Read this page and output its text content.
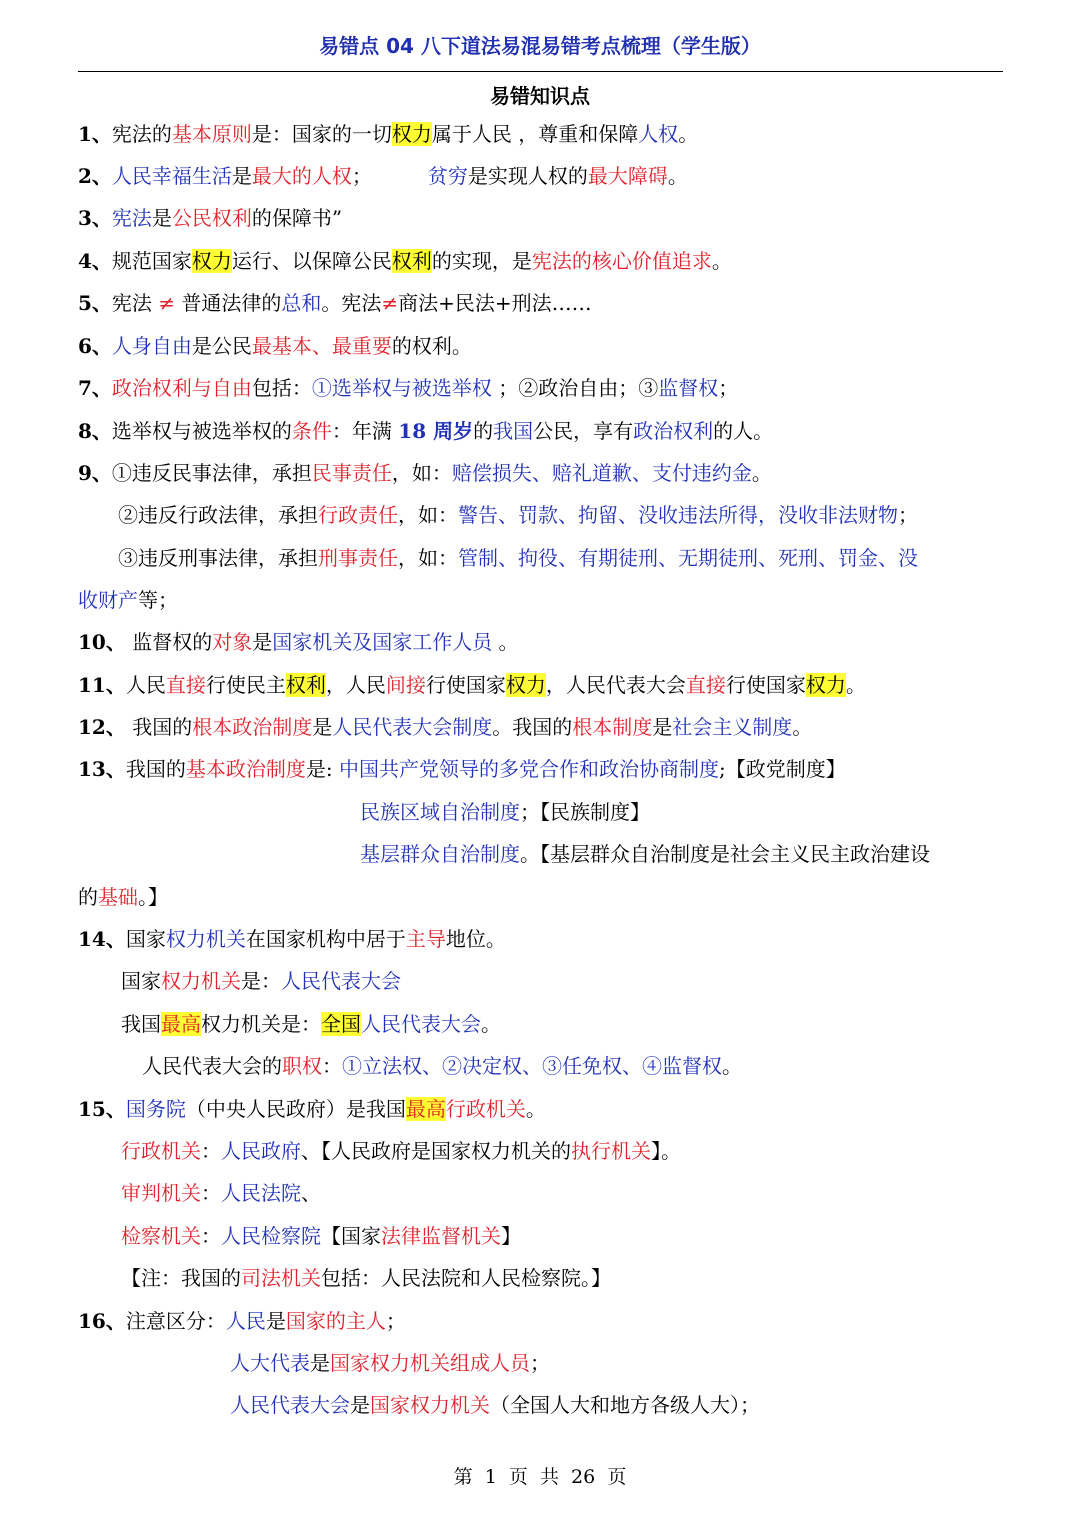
易错点 04 八下道法易混易错考点梳理（学生版）
易错知识点
1、宪法的基本原则是：国家的一切权力属于人民 ，尊重和保障人权。
2、人民幸福生活是最大的人权；	贫穷是实现人权的最大障碍。
3、宪法是公民权利的保障书”
4、规范国家权力运行、以保障公民权利的实现，是宪法的核心价值追求。
5、宪法 ≠ 普通法律的总和。宪法≠商法+民法+刑法……
6、人身自由是公民最基本、最重要的权利。
7、政治权利与自由包括：①选举权与被选举权 ；②政治自由；③监督权；
8、选举权与被选举权的条件：年满 18 周岁的我国公民，享有政治权利的人。
9、①违反民事法律，承担民事责任，如：赔偿损失、赔礼道歉、支付违约金。
②违反行政法律，承担行政责任，如：警告、罚款、拘留、没收违法所得，没收非法财物；
③违反刑事法律，承担刑事责任，如：管制、拘役、有期徒刑、无期徒刑、死刑、罚金、没
收财产等；
10、 监督权的对象是国家机关及国家工作人员 。
11、人民直接行使民主权利，人民间接行使国家权力，人民代表大会直接行使国家权力。
12、 我国的根本政治制度是人民代表大会制度。我国的根本制度是社会主义制度。
13、我国的基本政治制度是: 中国共产党领导的多党合作和政治协商制度;【政党制度】
民族区域自治制度；【民族制度】
基层群众自治制度。【基层群众自治制度是社会主义民主政治建设
的基础。】
14、国家权力机关在国家机构中居于主导地位。
国家权力机关是：人民代表大会
我国最高权力机关是：全国人民代表大会。
人民代表大会的职权：①立法权、②决定权、③任免权、④监督权。
15、国务院（中央人民政府）是我国最高行政机关。
行政机关：人民政府、【人民政府是国家权力机关的执行机关】。
审判机关：人民法院、
检察机关：人民检察院【国家法律监督机关】
【注：我国的司法机关包括：人民法院和人民检察院。】
16、注意区分：人民是国家的主人；
人大代表是国家权力机关组成人员；
人民代表大会是国家权力机关（全国人大和地方各级人大）；
第  1  页  共  26  页
